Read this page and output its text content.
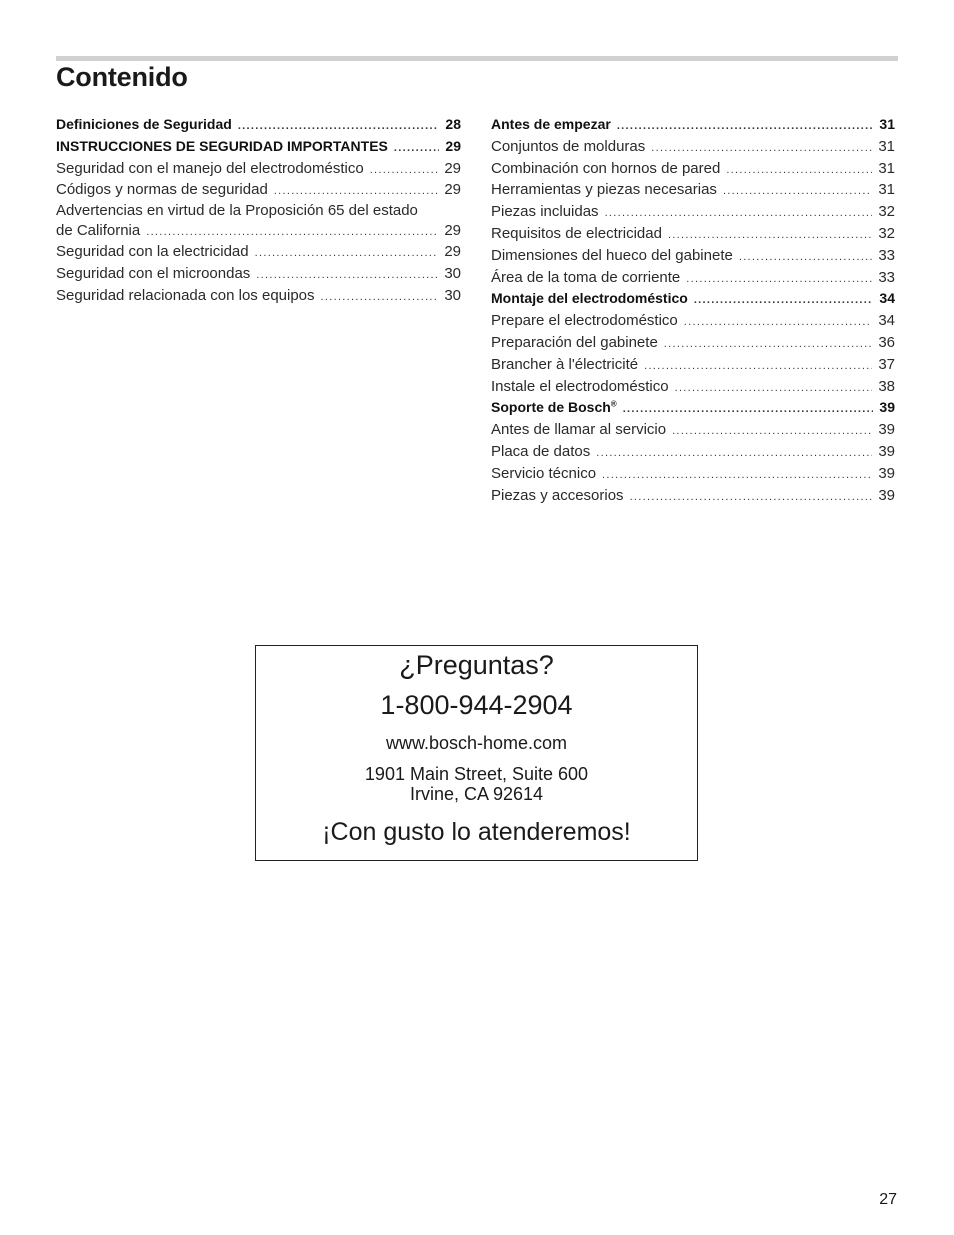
Contenido
Definiciones de Seguridad .....	28
INSTRUCCIONES DE SEGURIDAD IMPORTANTES .....	29
Seguridad con el manejo del electrodoméstico .....	29
Códigos y normas de seguridad .....	29
Advertencias en virtud de la Proposición 65 del estado
de California .....	29
Seguridad con la electricidad .....	29
Seguridad con el microondas .....	30
Seguridad relacionada con los equipos .....	30
Antes de empezar .....	31
Conjuntos de molduras .....	31
Combinación con hornos de pared .....	31
Herramientas y piezas necesarias .....	31
Piezas incluidas .....	32
Requisitos de electricidad .....	32
Dimensiones del hueco del gabinete .....	33
Área de la toma de corriente .....	33
Montaje del electrodoméstico .....	34
Prepare el electrodoméstico .....	34
Preparación del gabinete .....	36
Brancher à l'électricité .....	37
Instale el electrodoméstico .....	38
Soporte de Bosch® .....	39
Antes de llamar al servicio .....	39
Placa de datos .....	39
Servicio técnico .....	39
Piezas y accesorios .....	39
¿Preguntas?
1-800-944-2904
www.bosch-home.com
1901 Main Street, Suite 600
Irvine, CA 92614
¡Con gusto lo atenderemos!
27
